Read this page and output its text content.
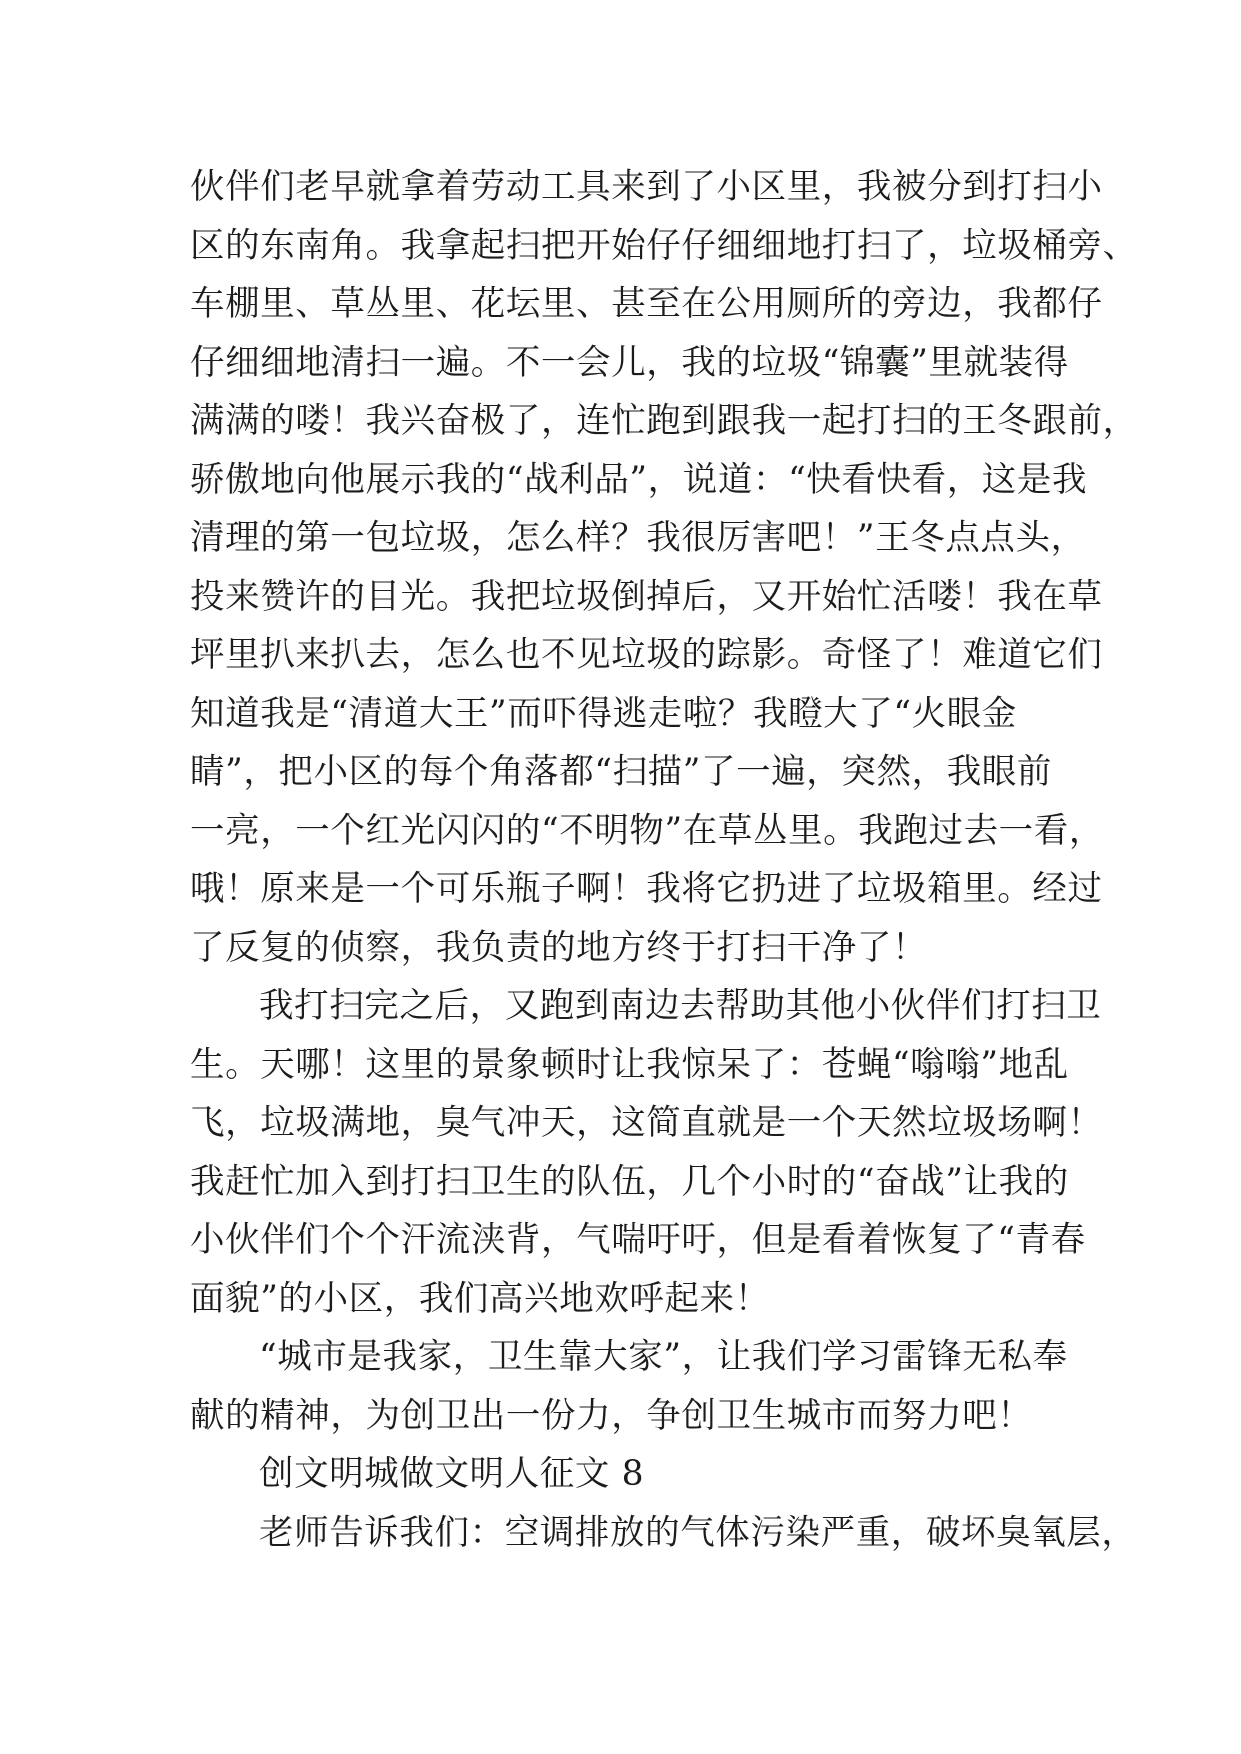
伙伴们老早就拿着劳动工具来到了小区里，我被分到打扫小
区的东南角。我拿起扫把开始仔仔细细地打扫了，垃圾桶旁、
车棚里、草丛里、花坛里、甚至在公用厕所的旁边，我都仔
仔细细地清扫一遍。不一会儿，我的垃圾“锦囊”里就装得
满满的喽！我兴奋极了，连忙跑到跟我一起打扫的王冬跟前，
骄傲地向他展示我的“战利品”，说道：“快看快看，这是我
清理的第一包垃圾，怎么样？我很厉害吧！”王冬点点头，
投来赞许的目光。我把垃圾倒掉后，又开始忙活喽！我在草
坪里扒来扒去，怎么也不见垃圾的踪影。奇怪了！难道它们
知道我是“清道大王”而吓得逃走啦？我瞪大了“火眼金
睛”，把小区的每个角落都“扫描”了一遍，突然，我眼前
一亮，一个红光闪闪的“不明物”在草丛里。我跑过去一看，
哦！原来是一个可乐瓶子啊！我将它扔进了垃圾箱里。经过
了反复的侦察，我负责的地方终于打扫干净了！
我打扫完之后，又跑到南边去帮助其他小伙伴们打扫卫
生。天哪！这里的景象顿时让我惊呆了：苍蝇“嗡嗡”地乱
飞，垃圾满地，臭气冲天，这简直就是一个天然垃圾场啊！
我赶忙加入到打扫卫生的队伍，几个小时的“奋战”让我的
小伙伴们个个汗流浃背，气喘吁吁，但是看着恢复了“青春
面貌”的小区，我们高兴地欢呼起来！
“城市是我家，卫生靠大家”，让我们学习雷锋无私奉
献的精神，为创卫出一份力，争创卫生城市而努力吧！
创文明城做文明人征文 8
老师告诉我们：空调排放的气体污染严重，破坏臭氧层，
